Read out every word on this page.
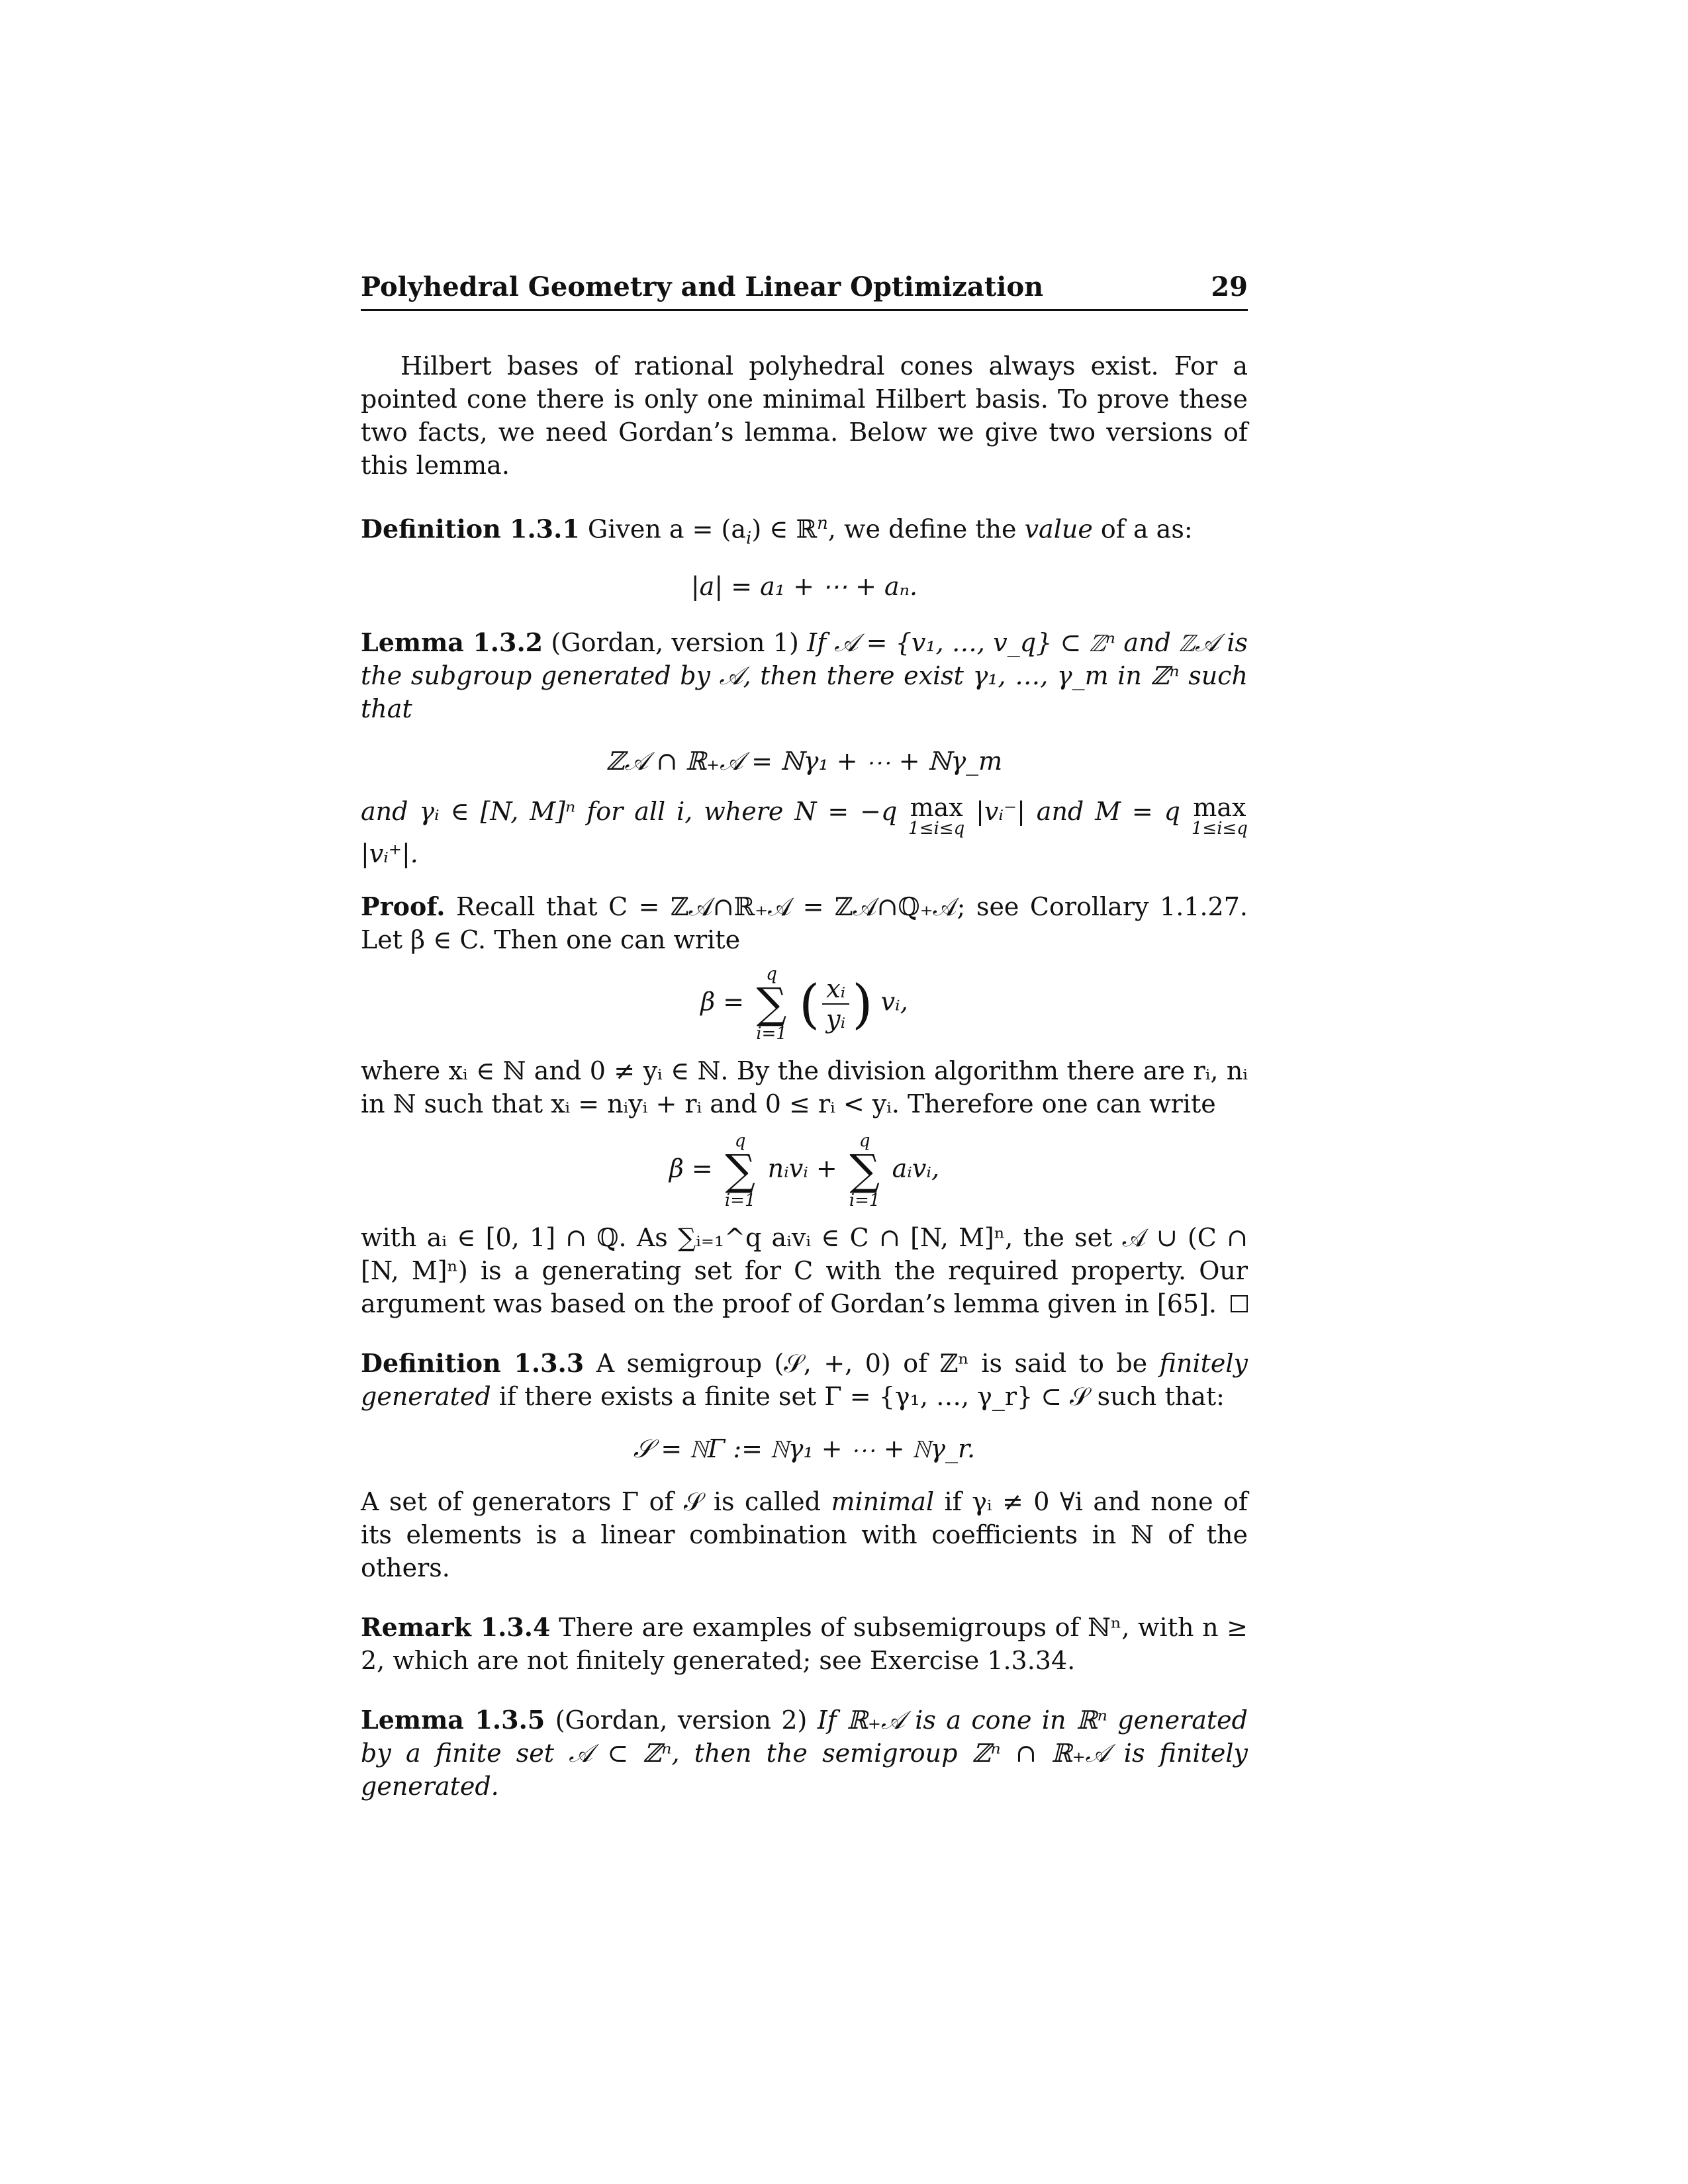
Polyhedral Geometry and Linear Optimization	29

Hilbert bases of rational polyhedral cones always exist. For a pointed cone there is only one minimal Hilbert basis. To prove these two facts, we need Gordan’s lemma. Below we give two versions of this lemma.

Definition 1.3.1 Given $a = (a_i)$ ∈ ℝ$^n$, we define the value of a as:

|a| = a₁ + ⋯ + aₙ.

Lemma 1.3.2 (Gordan, version 1) If 𝒜 = {v₁, …, v_q} ⊂ ℤⁿ and ℤ𝒜 is the subgroup generated by 𝒜, then there exist γ₁, …, γ_m in ℤⁿ such that

ℤ𝒜 ∩ ℝ₊𝒜 = ℕγ₁ + ⋯ + ℕγ_m

and γᵢ ∈ [N, M]ⁿ for all i, where N = −q max
1≤i≤q
|vᵢ⁻| and M = q max
1≤i≤q
|vᵢ⁺|.

Proof. Recall that C = ℤ𝒜∩ℝ₊𝒜 = ℤ𝒜∩ℚ₊𝒜; see Corollary 1.1.27. Let β ∈ C. Then one can write

β =
q
∑
i=1 ( $\frac{\text{xᵢ}}{\text{yᵢ}}$ ) vᵢ,

where xᵢ ∈ ℕ and 0 ≠ yᵢ ∈ ℕ. By the division algorithm there are rᵢ, nᵢ in ℕ such that xᵢ = nᵢyᵢ + rᵢ and 0 ≤ rᵢ < yᵢ. Therefore one can write

β =
q
∑
i=1
nᵢvᵢ +
q
∑
i=1
aᵢvᵢ,

with aᵢ ∈ [0, 1] ∩ ℚ. As ∑ᵢ₌₁^q aᵢvᵢ ∈ C ∩ [N, M]ⁿ, the set 𝒜 ∪ (C ∩ [N, M]ⁿ) is a generating set for C with the required property. Our argument was based on the proof of Gordan’s lemma given in [65].

Definition 1.3.3 A semigroup (𝒮, +, 0) of ℤⁿ is said to be finitely generated if there exists a finite set Γ = {γ₁, …, γ_r} ⊂ 𝒮 such that:

𝒮 = ℕΓ := ℕγ₁ + ⋯ + ℕγ_r.

A set of generators Γ of 𝒮 is called minimal if γᵢ ≠ 0 ∀i and none of its elements is a linear combination with coefficients in ℕ of the others.

Remark 1.3.4 There are examples of subsemigroups of ℕⁿ, with n ≥ 2, which are not finitely generated; see Exercise 1.3.34.

Lemma 1.3.5 (Gordan, version 2) If ℝ₊𝒜 is a cone in ℝⁿ generated by a finite set 𝒜 ⊂ ℤⁿ, then the semigroup ℤⁿ ∩ ℝ₊𝒜 is finitely generated.
